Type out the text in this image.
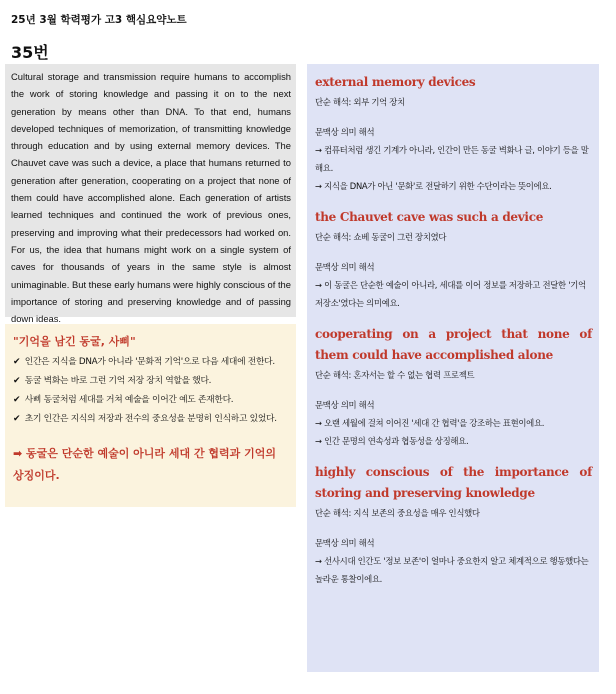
25년 3월 학력평가 고3 핵심요약노트
35번
Cultural storage and transmission require humans to accomplish the work of storing knowledge and passing it on to the next generation by means other than DNA. To that end, humans developed techniques of memorization, of transmitting knowledge through education and by using external memory devices. The Chauvet cave was such a device, a place that humans returned to generation after generation, cooperating on a project that none of them could have accomplished alone. Each generation of artists learned techniques and continued the work of previous ones, preserving and improving what their predecessors had worked on. For us, the idea that humans might work on a single system of caves for thousands of years in the same style is almost unimaginable. But these early humans were highly conscious of the importance of storing and preserving knowledge and of passing down ideas.
"기억을 남긴 동굴, 사삐"
✔ 인간은 지식을 DNA가 아니라 '문화적 기억'으로 다음 세대에 전한다.
✔ 동굴 벽화는 바로 그런 기억 저장 장치 역할을 했다.
✔ 사삐 동굴처럼 세대를 거쳐 예술을 이어간 예도 존재한다.
✔ 초기 인간은 지식의 저장과 전수의 중요성을 분명히 인식하고 있었다.
➡ 동굴은 단순한 예술이 아니라 세대 간 협력과 기억의
상징이다.
external memory devices
단순 해석: 외부 기억 장치
문맥상 의미 해석
→ 컴퓨터처럼 생긴 기계가 아니라, 인간이 만든 동굴 벽화나 글, 이야기 등을 말해요.
→ 지식을 DNA가 아닌 '문화'로 전달하기 위한 수단이라는 뜻이에요.
the Chauvet cave was such a device
단순 해석: 쇼베 동굴이 그런 장치였다
문맥상 의미 해석
→ 이 동굴은 단순한 예술이 아니라, 세대를 이어 정보를 저장하고 전달한 '기억 저장소'였다는 의미예요.
cooperating on a project that none of them could have accomplished alone
단순 해석: 혼자서는 할 수 없는 협력 프로젝트
문맥상 의미 해석
→ 오랜 세월에 걸쳐 이어진 '세대 간 협력'을 강조하는 표현이에요.
→ 인간 문명의 연속성과 협동성을 상징해요.
highly conscious of the importance of storing and preserving knowledge
단순 해석: 지식 보존의 중요성을 매우 인식했다
문맥상 의미 해석
→ 선사시대 인간도 '정보 보존'이 얼마나 중요한지 알고 체계적으로 행동했다는 놀라운 통찰이에요.
